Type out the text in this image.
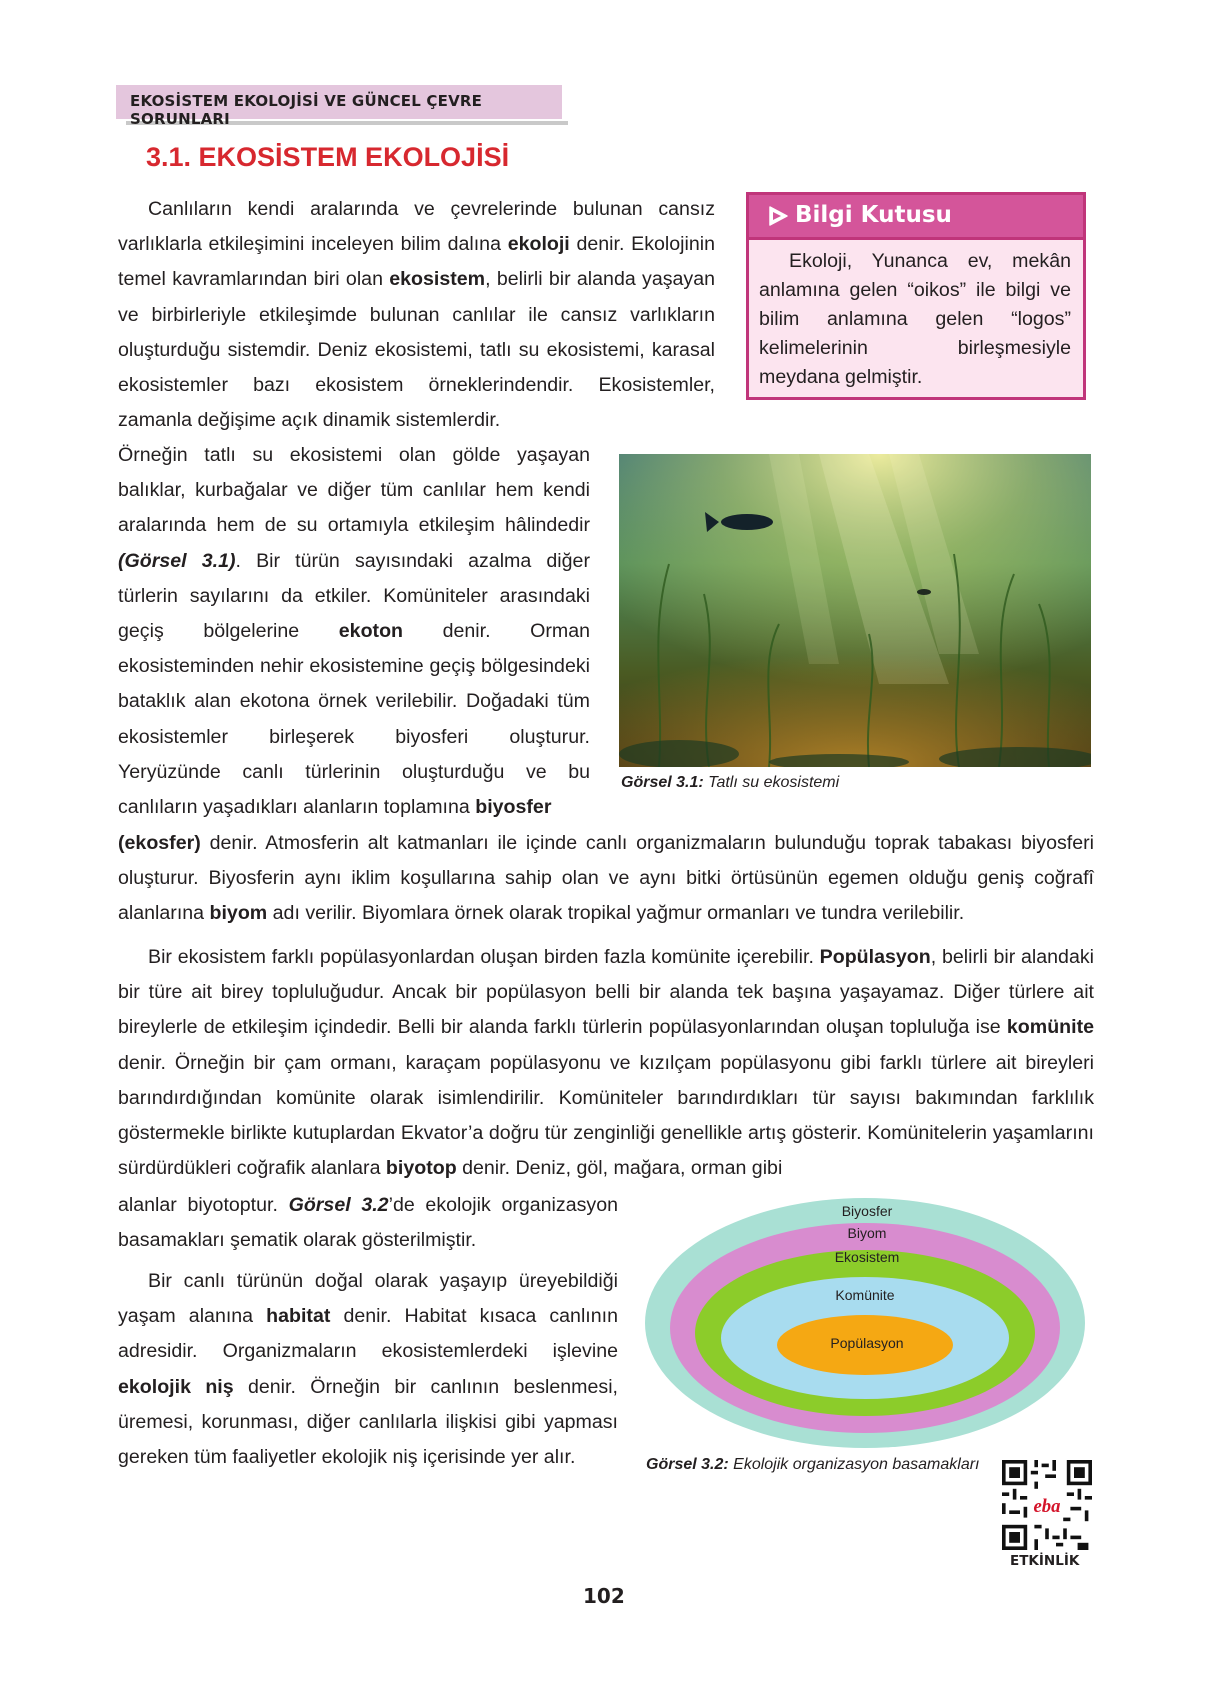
EKOSİSTEM EKOLOJİSİ VE GÜNCEL ÇEVRE SORUNLARI
3.1. EKOSİSTEM EKOLOJİSİ
Bilgi Kutusu

Ekoloji, Yunanca ev, mekân anlamına gelen “oikos” ile bilgi ve bilim anlamına gelen “logos” kelimelerinin birleşmesiyle meydana gelmiştir.

Canlıların kendi aralarında ve çevrelerinde bulunan cansız varlıklarla etkileşimini inceleyen bilim dalına ekoloji denir. Ekolojinin temel kavramlarından biri olan ekosistem, belirli bir alanda yaşayan ve birbirleriyle etkileşimde bulunan canlılar ile cansız varlıkların oluşturduğu sistemdir. Deniz ekosistemi, tatlı su ekosistemi, karasal ekosistemler bazı ekosistem örneklerindendir. Ekosistemler, zamanla değişime açık dinamik sistemlerdir.

Örneğin tatlı su ekosistemi olan gölde yaşayan balıklar, kurbağalar ve diğer tüm canlılar hem kendi aralarında hem de su ortamıyla etkileşim hâlindedir (Görsel 3.1). Bir türün sayısındaki azalma diğer türlerin sayılarını da etkiler. Komüniteler arasındaki geçiş bölgelerine ekoton denir. Orman ekosisteminden nehir ekosistemine geçiş bölgesindeki bataklık alan ekotona örnek verilebilir. Doğadaki tüm ekosistemler birleşerek biyosferi oluşturur. Yeryüzünde canlı türlerinin oluşturduğu ve bu canlıların yaşadıkları alanların toplamına biyosfer

(ekosfer) denir. Atmosferin alt katmanları ile içinde canlı organizmaların bulunduğu toprak tabakası biyosferi oluşturur. Biyosferin aynı iklim koşullarına sahip olan ve aynı bitki örtüsünün egemen olduğu geniş coğrafî alanlarına biyom adı verilir. Biyomlara örnek olarak tropikal yağmur ormanları ve tundra verilebilir.

Bir ekosistem farklı popülasyonlardan oluşan birden fazla komünite içerebilir. Popülasyon, belirli bir alandaki bir türe ait birey topluluğudur. Ancak bir popülasyon belli bir alanda tek başına yaşayamaz. Diğer türlere ait bireylerle de etkileşim içindedir. Belli bir alanda farklı türlerin popülasyonlarından oluşan topluluğa ise komünite denir. Örneğin bir çam ormanı, karaçam popülasyonu ve kızılçam popülasyonu gibi farklı türlere ait bireyleri barındırdığından komünite olarak isimlendirilir. Komüniteler barındırdıkları tür sayısı bakımından farklılık göstermekle birlikte kutuplardan Ekvator’a doğru tür zenginliği genellikle artış gösterir. Komünitelerin yaşamlarını sürdürdükleri coğrafik alanlara biyotop denir. Deniz, göl, mağara, orman gibi

alanlar biyotoptur. Görsel 3.2’de ekolojik organizasyon basamakları şematik olarak gösterilmiştir.

Bir canlı türünün doğal olarak yaşayıp üreyebildiği yaşam alanına habitat denir. Habitat kısaca canlının adresidir. Organizmaların ekosistemlerdeki işlevine ekolojik niş denir. Örneğin bir canlının beslenmesi, üremesi, korunması, diğer canlılarla ilişkisi gibi yapması gereken tüm faaliyetler ekolojik niş içerisinde yer alır.

Görsel 3.1: Tatlı su ekosistemi
Biyosfer
Biyom
Ekosistem
Komünite
Popülasyon
Görsel 3.2: Ekolojik organizasyon basamakları
eba
ETKİNLİK
102
